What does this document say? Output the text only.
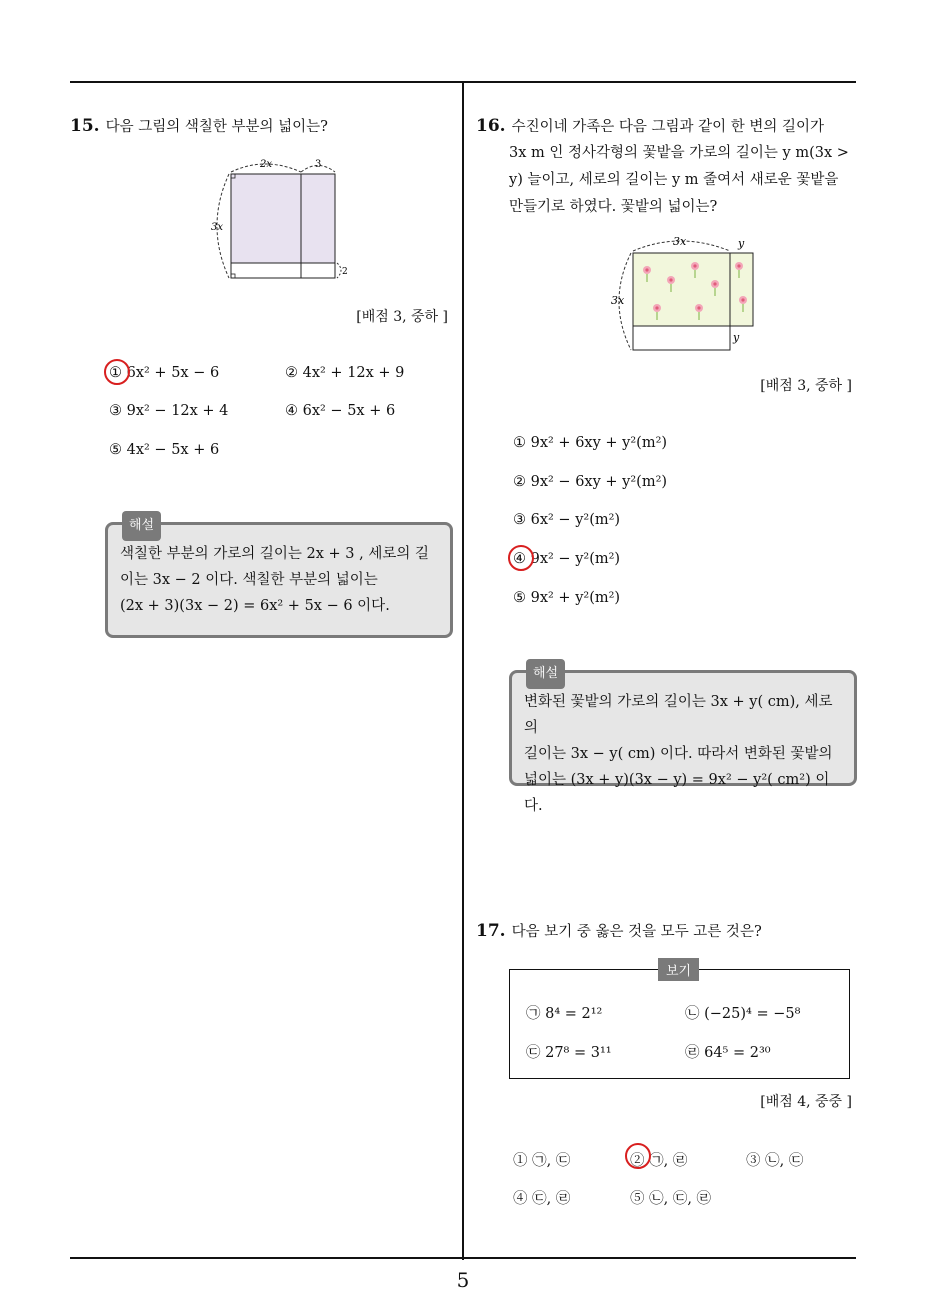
15. 다음 그림의 색칠한 부분의 넓이는?
2x	3
3x
2
[배점 3, 중하 ]
① 6x² + 5x − 6	② 4x² + 12x + 9
③ 9x² − 12x + 4	④ 6x² − 5x + 6
⑤ 4x² − 5x + 6
해설
색칠한 부분의 가로의 길이는 2x + 3 , 세로의 길
이는 3x − 2 이다. 색칠한 부분의 넓이는
(2x + 3)(3x − 2) = 6x² + 5x − 6 이다.
16. 수진이네 가족은 다음 그림과 같이 한 변의 길이가
3x m 인 정사각형의 꽃밭을 가로의 길이는 y m(3x >
y) 늘이고, 세로의 길이는 y m 줄여서 새로운 꽃밭을
만들기로 하였다. 꽃밭의 넓이는?
3x	y
3x
y
[배점 3, 중하 ]
① 9x² + 6xy + y²(m²)
② 9x² − 6xy + y²(m²)
③ 6x² − y²(m²)
④ 9x² − y²(m²)
⑤ 9x² + y²(m²)
해설
변화된 꽃밭의 가로의 길이는 3x + y( cm), 세로의
길이는 3x − y( cm) 이다. 따라서 변화된 꽃밭의
넓이는 (3x + y)(3x − y) = 9x² − y²( cm²) 이다.
17. 다음 보기 중 옳은 것을 모두 고른 것은?
보기
㉠ 8⁴ = 2¹²	㉡ (−25)⁴ = −5⁸
㉢ 27⁸ = 3¹¹	㉣ 64⁵ = 2³⁰
[배점 4, 중중 ]
① ㉠, ㉢	② ㉠, ㉣	③ ㉡, ㉢
④ ㉢, ㉣	⑤ ㉡, ㉢, ㉣
5
